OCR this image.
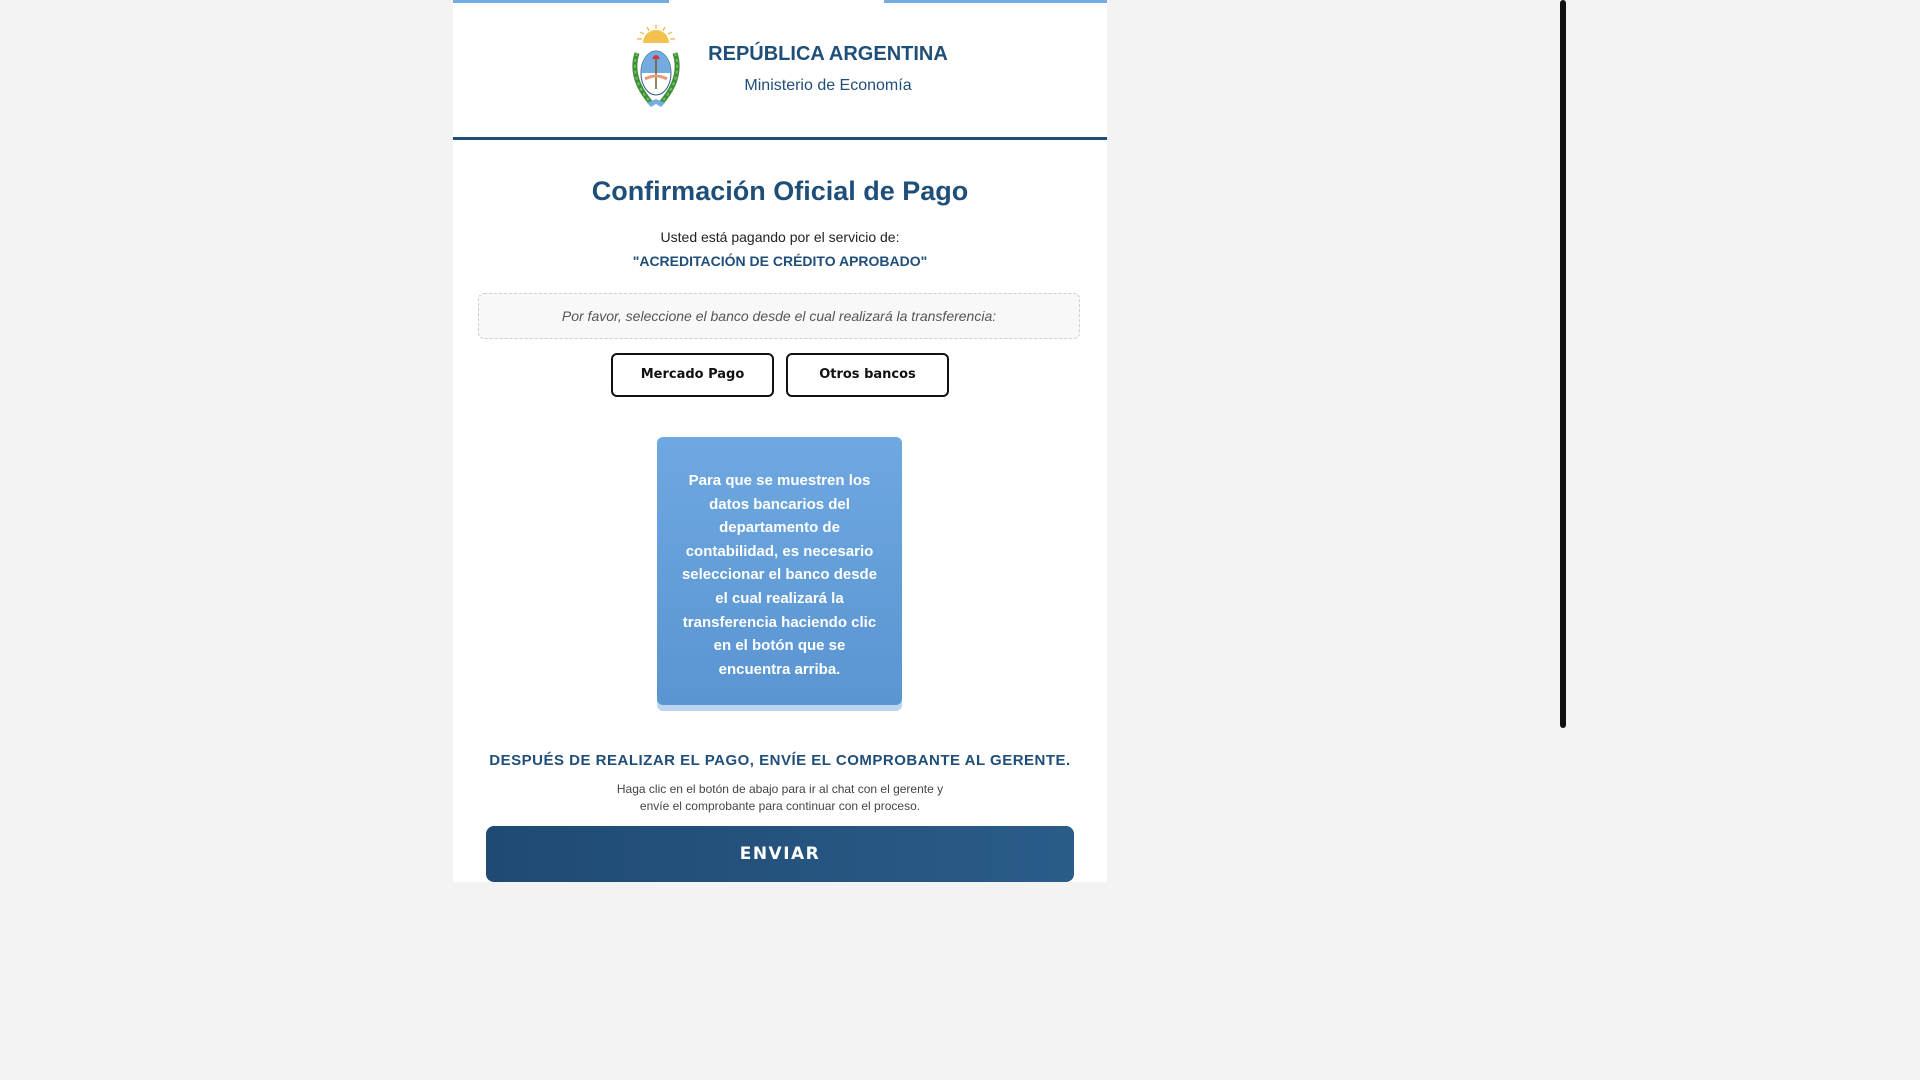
REPÚBLICA ARGENTINA
Ministerio de Economía
Confirmación Oficial de Pago
Usted está pagando por el servicio de:
"ACREDITACIÓN DE CRÉDITO APROBADO"
Por favor, seleccione el banco desde el cual realizará la transferencia:
Mercado Pago	Otros bancos
Para que se muestren los datos bancarios del departamento de contabilidad, es necesario seleccionar el banco desde el cual realizará la transferencia haciendo clic en el botón que se encuentra arriba.
DESPUÉS DE REALIZAR EL PAGO, ENVÍE EL COMPROBANTE AL GERENTE.
Haga clic en el botón de abajo para ir al chat con el gerente y
envíe el comprobante para continuar con el proceso.
ENVIAR
